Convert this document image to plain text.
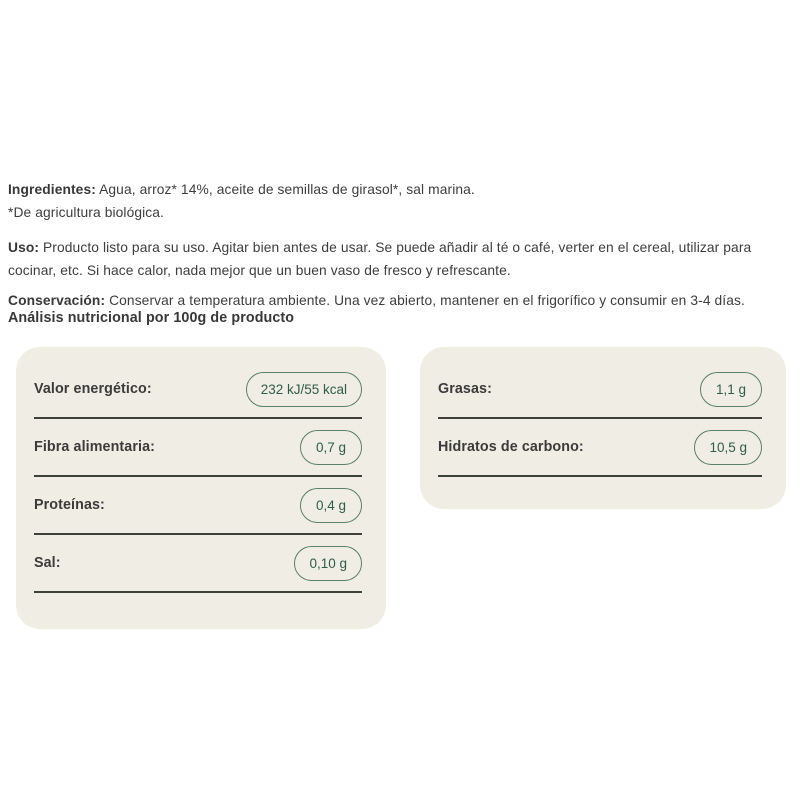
Ingredientes: Agua, arroz* 14%, aceite de semillas de girasol*, sal marina.
*De agricultura biológica.

Uso: Producto listo para su uso. Agitar bien antes de usar. Se puede añadir al té o café, verter en el cereal, utilizar para cocinar, etc. Si hace calor, nada mejor que un buen vaso de fresco y refrescante.

Conservación: Conservar a temperatura ambiente. Una vez abierto, mantener en el frigorífico y consumir en 3-4 días.

Análisis nutricional por 100g de producto
Valor energético:	232 kJ/55 kcal
Fibra alimentaria:	0,7 g
Proteínas:	0,4 g
Sal:	0,10 g
Grasas:	1,1 g
Hidratos de carbono:	10,5 g
